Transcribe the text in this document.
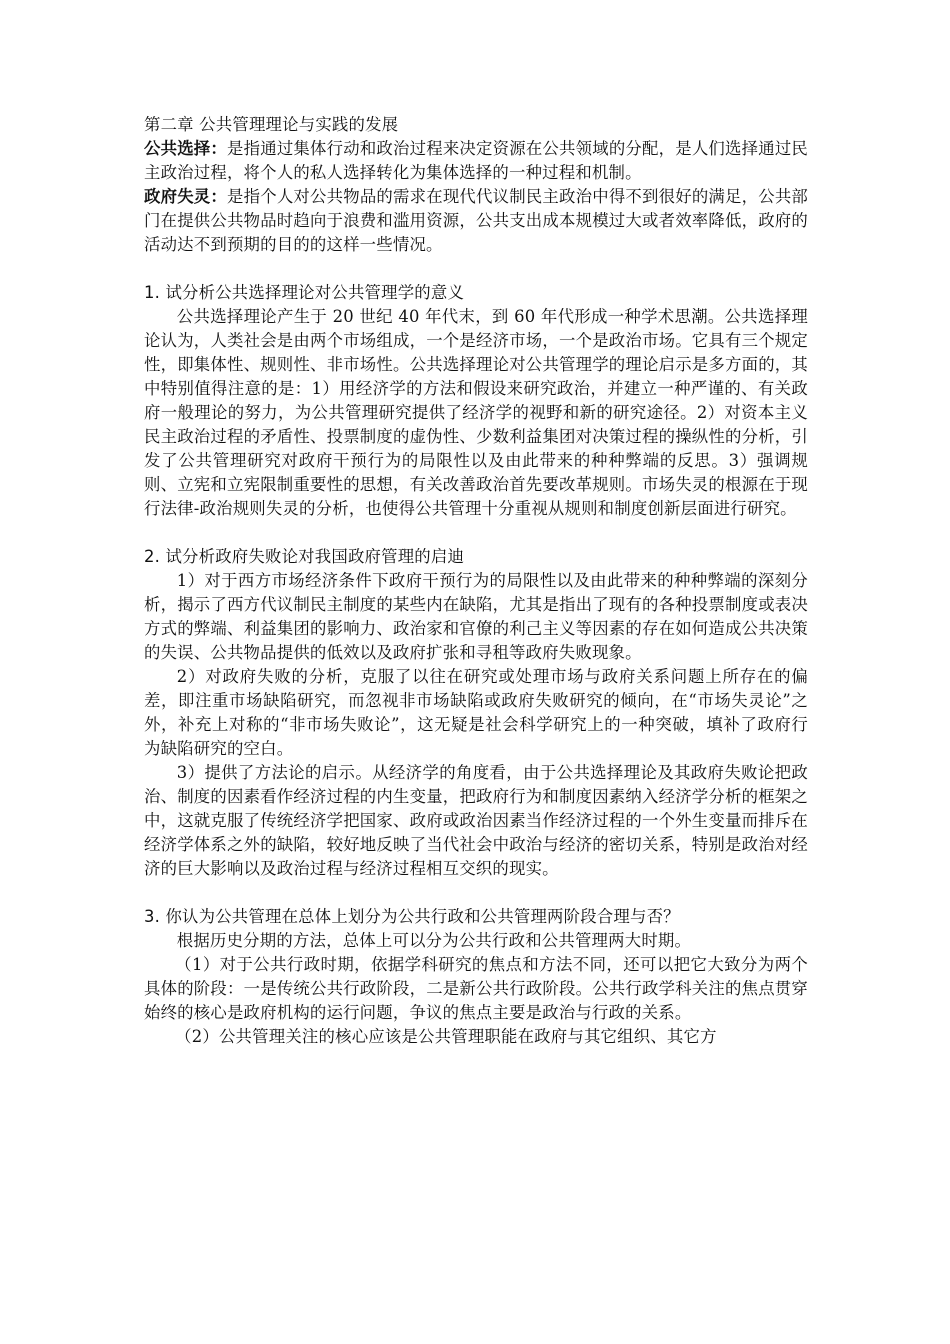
第二章 公共管理理论与实践的发展

公共选择：是指通过集体行动和政治过程来决定资源在公共领域的分配，是人们选择通过民主政治过程，将个人的私人选择转化为集体选择的一种过程和机制。

政府失灵：是指个人对公共物品的需求在现代代议制民主政治中得不到很好的满足，公共部门在提供公共物品时趋向于浪费和滥用资源，公共支出成本规模过大或者效率降低，政府的活动达不到预期的目的的这样一些情况。

1. 试分析公共选择理论对公共管理学的意义

公共选择理论产生于 20 世纪 40 年代末，到 60 年代形成一种学术思潮。公共选择理论认为，人类社会是由两个市场组成，一个是经济市场，一个是政治市场。它具有三个规定性，即集体性、规则性、非市场性。公共选择理论对公共管理学的理论启示是多方面的，其中特别值得注意的是：1）用经济学的方法和假设来研究政治，并建立一种严谨的、有关政府一般理论的努力，为公共管理研究提供了经济学的视野和新的研究途径。2）对资本主义民主政治过程的矛盾性、投票制度的虚伪性、少数利益集团对决策过程的操纵性的分析，引发了公共管理研究对政府干预行为的局限性以及由此带来的种种弊端的反思。3）强调规则、立宪和立宪限制重要性的思想，有关改善政治首先要改革规则。市场失灵的根源在于现行法律-政治规则失灵的分析，也使得公共管理十分重视从规则和制度创新层面进行研究。

2. 试分析政府失败论对我国政府管理的启迪

1）对于西方市场经济条件下政府干预行为的局限性以及由此带来的种种弊端的深刻分析，揭示了西方代议制民主制度的某些内在缺陷，尤其是指出了现有的各种投票制度或表决方式的弊端、利益集团的影响力、政治家和官僚的利己主义等因素的存在如何造成公共决策的失误、公共物品提供的低效以及政府扩张和寻租等政府失败现象。

2）对政府失败的分析，克服了以往在研究或处理市场与政府关系问题上所存在的偏差，即注重市场缺陷研究，而忽视非市场缺陷或政府失败研究的倾向，在“市场失灵论”之外，补充上对称的“非市场失败论”，这无疑是社会科学研究上的一种突破，填补了政府行为缺陷研究的空白。

3）提供了方法论的启示。从经济学的角度看，由于公共选择理论及其政府失败论把政治、制度的因素看作经济过程的内生变量，把政府行为和制度因素纳入经济学分析的框架之中，这就克服了传统经济学把国家、政府或政治因素当作经济过程的一个外生变量而排斥在经济学体系之外的缺陷，较好地反映了当代社会中政治与经济的密切关系，特别是政治对经济的巨大影响以及政治过程与经济过程相互交织的现实。

3. 你认为公共管理在总体上划分为公共行政和公共管理两阶段合理与否？

根据历史分期的方法，总体上可以分为公共行政和公共管理两大时期。

（1）对于公共行政时期，依据学科研究的焦点和方法不同，还可以把它大致分为两个具体的阶段：一是传统公共行政阶段，二是新公共行政阶段。公共行政学科关注的焦点贯穿始终的核心是政府机构的运行问题，争议的焦点主要是政治与行政的关系。

（2）公共管理关注的核心应该是公共管理职能在政府与其它组织、其它方
